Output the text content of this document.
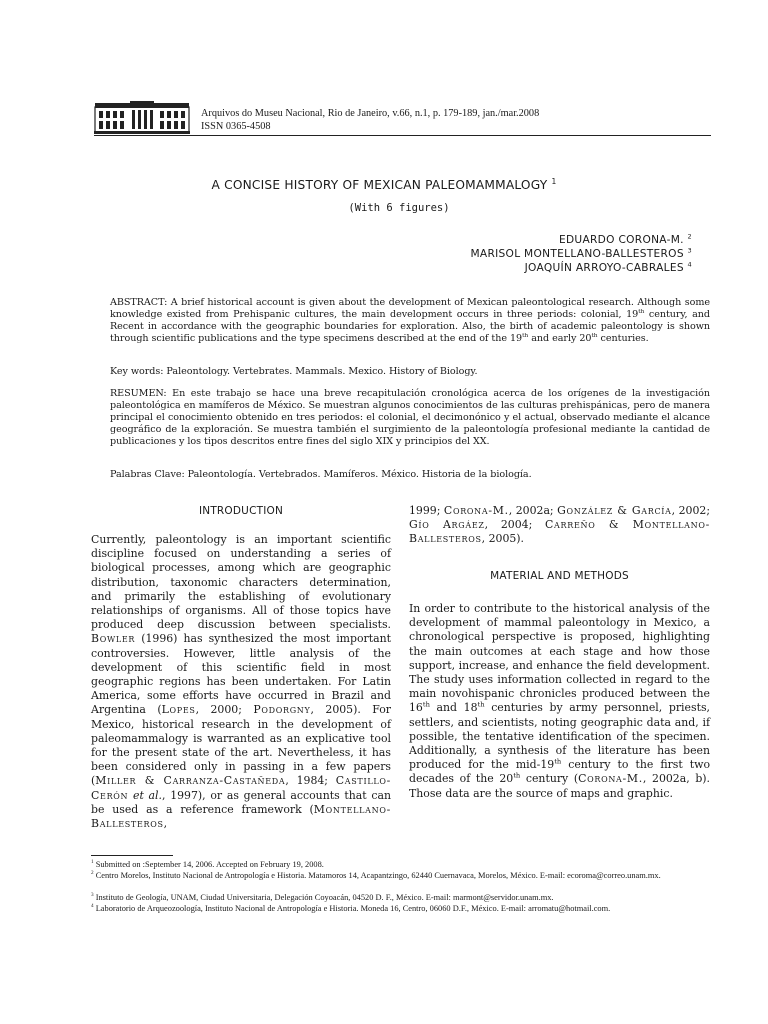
Arquivos do Museu Nacional, Rio de Janeiro, v.66, n.1, p. 179-189, jan./mar.2008
ISSN 0365-4508
A CONCISE HISTORY OF MEXICAN PALEOMAMMALOGY $^1$
(With 6 figures)
EDUARDO CORONA-M. $^2$
MARISOL MONTELLANO-BALLESTEROS $^3$
JOAQUÍN ARROYO-CABRALES $^4$
ABSTRACT: A brief historical account is given about the development of Mexican paleontological research. Although some knowledge existed from Prehispanic cultures, the main development occurs in three periods: colonial, 19th century, and Recent in accordance with the geographic boundaries for exploration. Also, the birth of academic paleontology is shown through scientific publications and the type specimens described at the end of the 19th and early 20th centuries.
Key words: Paleontology. Vertebrates. Mammals. Mexico. History of Biology.
RESUMEN: En este trabajo se hace una breve recapitulación cronológica acerca de los orígenes de la investigación paleontológica en mamíferos de México. Se muestran algunos conocimientos de las culturas prehispánicas, pero de manera principal el conocimiento obtenido en tres periodos: el colonial, el decimonónico y el actual, observado mediante el alcance geográfico de la exploración. Se muestra también el surgimiento de la paleontología profesional mediante la cantidad de publicaciones y los tipos descritos entre fines del siglo XIX y principios del XX.
Palabras Clave: Paleontología. Vertebrados. Mamíferos. México. Historia de la biología.
INTRODUCTION
Currently, paleontology is an important scientific discipline focused on understanding a series of biological processes, among which are geographic distribution, taxonomic characters determination, and primarily the establishing of evolutionary relationships of organisms. All of those topics have produced deep discussion between specialists. Bowler (1996) has synthesized the most important controversies. However, little analysis of the development of this scientific field in most geographic regions has been undertaken. For Latin America, some efforts have occurred in Brazil and Argentina (Lopes, 2000; Podorgny, 2005). For Mexico, historical research in the development of paleomammalogy is warranted as an explicative tool for the present state of the art. Nevertheless, it has been considered only in passing in a few papers (Miller & Carranza-Castañeda, 1984; Castillo-Cerón et al., 1997), or as general accounts that can be used as a reference framework (Montellano-Ballesteros,
1999; Corona-M., 2002a; González & García, 2002; Gío Argáez, 2004; Carreño & Montellano-Ballesteros, 2005).
MATERIAL AND METHODS
In order to contribute to the historical analysis of the development of mammal paleontology in Mexico, a chronological perspective is proposed, highlighting the main outcomes at each stage and how those support, increase, and enhance the field development. The study uses information collected in regard to the main novohispanic chronicles produced between the 16th and 18th centuries by army personnel, priests, settlers, and scientists, noting geographic data and, if possible, the tentative identification of the specimen. Additionally, a synthesis of the literature has been produced for the mid-19th century to the first two decades of the 20th century (Corona-M., 2002a, b). Those data are the source of maps and graphic.
$^1$ Submitted on :September 14, 2006. Accepted on February 19, 2008.
$^2$ Centro Morelos, Instituto Nacional de Antropología e Historia. Matamoros 14, Acapantzingo, 62440 Cuernavaca, Morelos, México. E-mail: ecoroma@correo.unam.mx.
$^3$ Instituto de Geología, UNAM, Ciudad Universitaria, Delegación Coyoacán, 04520 D. F., México. E-mail: marmont@servidor.unam.mx.
$^4$ Laboratorio de Arqueozoología, Instituto Nacional de Antropología e Historia. Moneda 16, Centro, 06060 D.F., México. E-mail: arromatu@hotmail.com.
